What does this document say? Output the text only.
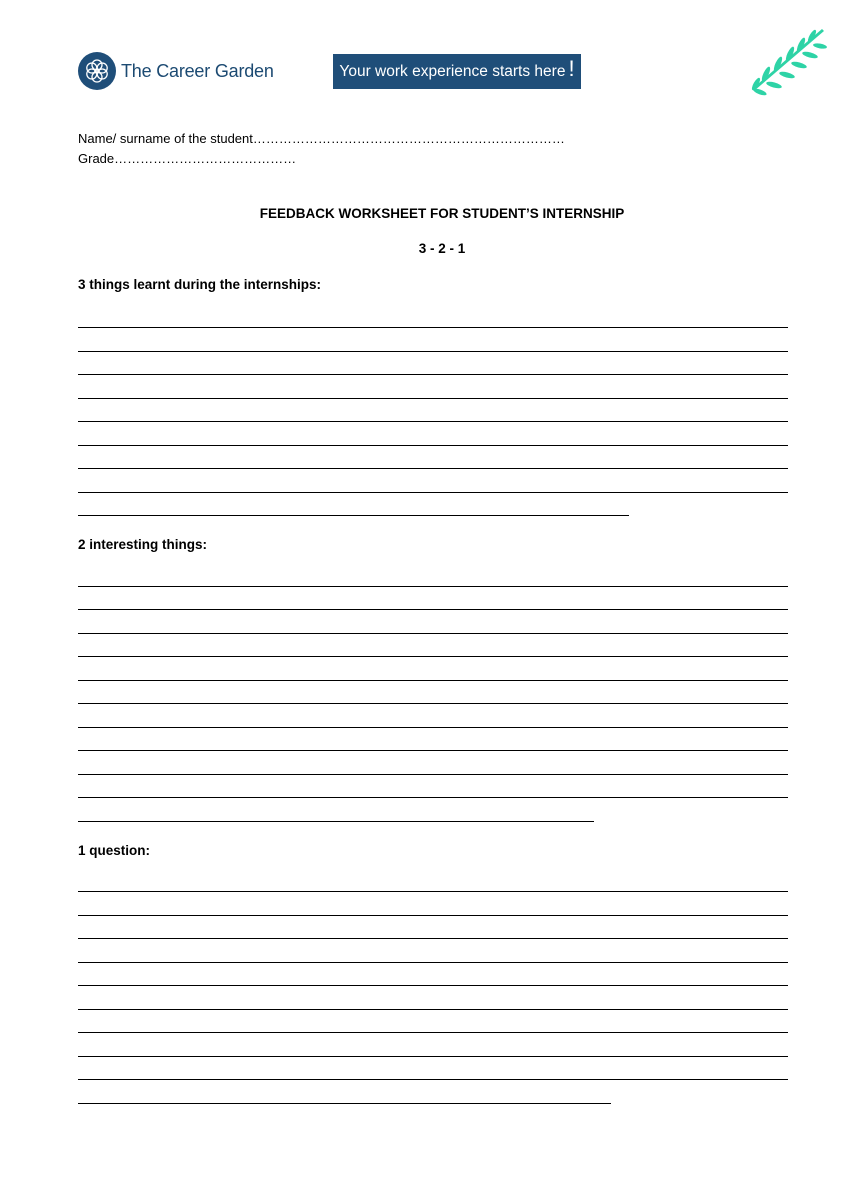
The Career Garden	Your work experience starts here !
Name/ surname of the student………………………………………………………………
Grade……………………………………
FEEDBACK WORKSHEET FOR STUDENT’S INTERNSHIP
3 - 2 - 1
3 things learnt during the internships:
2 interesting things:
1 question:
